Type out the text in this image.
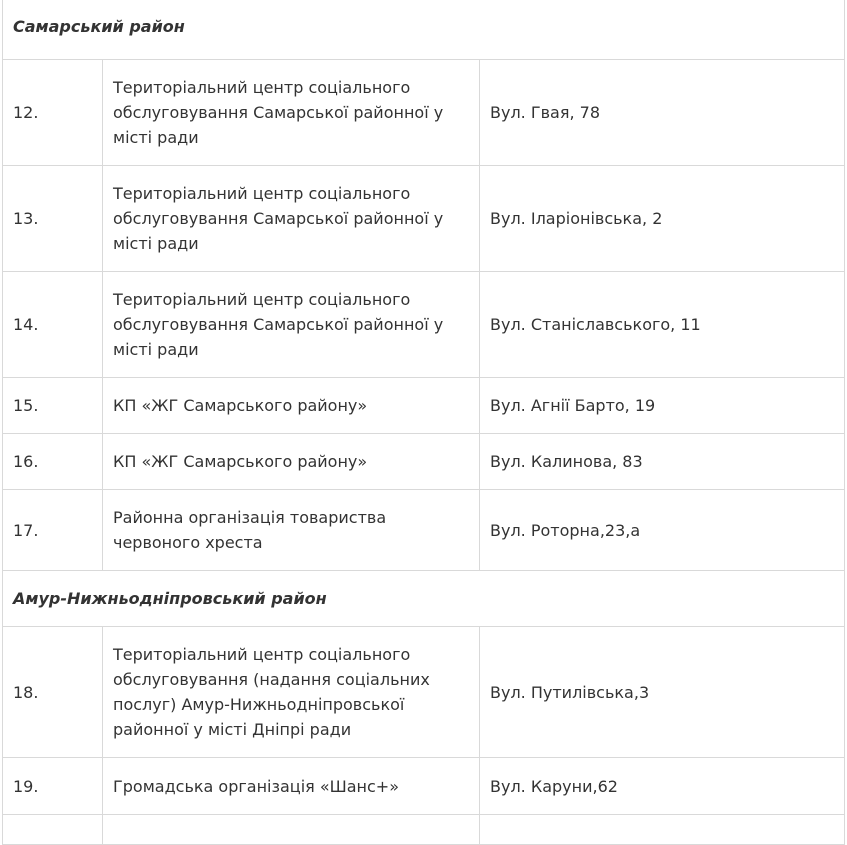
Самарський район		
12.	Територіальний центр соціального обслуговування Самарської районної у місті ради	Вул. Гвая, 78
13.	Територіальний центр соціального обслуговування Самарської районної у місті ради	Вул. Іларіонівська, 2
14.	Територіальний центр соціального обслуговування Самарської районної у місті ради	Вул. Станіславського, 11
15.	КП «ЖГ Самарського району»	Вул. Агнії Барто, 19
16.	КП «ЖГ Самарського району»	Вул. Калинова, 83
17.	Районна організація товариства червоного хреста	Вул. Роторна,23,а
Амур-Нижньодніпровський район		
18.	Територіальний центр соціального обслуговування (надання соціальних послуг) Амур-Нижньодніпровської районної у місті Дніпрі ради	Вул. Путилівська,3
19.	Громадська організація «Шанс+»	Вул. Каруни,62
